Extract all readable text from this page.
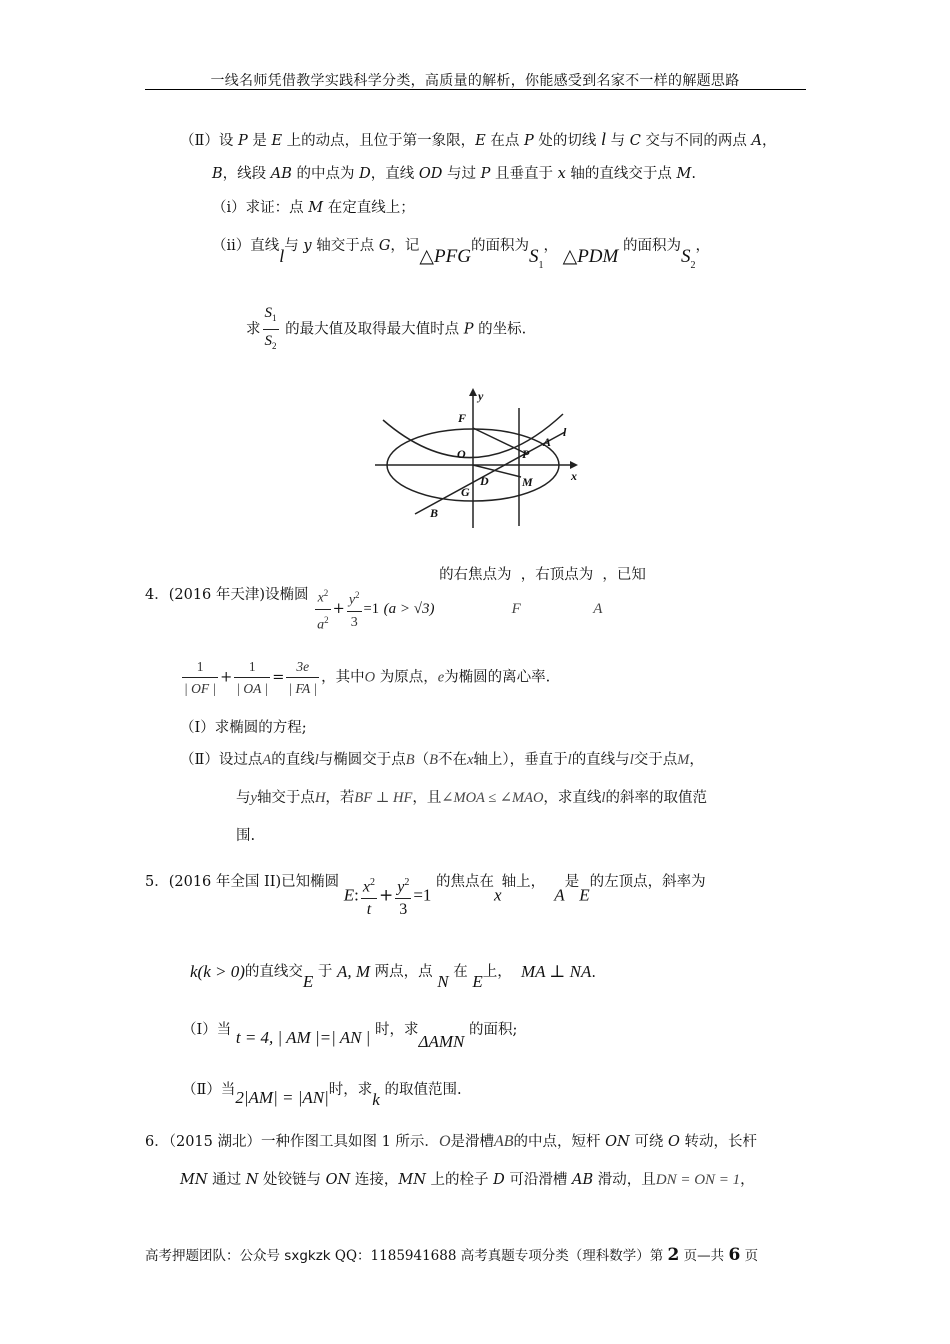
一线名师凭借教学实践科学分类，高质量的解析，你能感受到名家不一样的解题思路
（Ⅱ）设 P 是 E 上的动点，且位于第一象限，E 在点 P 处的切线 l 与 C 交与不同的两点 A，
B，线段 AB 的中点为 D，直线 OD 与过 P 且垂直于 x 轴的直线交于点 M.
（i）求证：点 M 在定直线上；
（ii）直线l与 y 轴交于点 G，记△PFG的面积为$S_1$， △PDM 的面积为$S_2$，
求 $\frac{S_1}{S_2}$ 的最大值及取得最大值时点 P 的坐标.
y
x
F
O
A
l
P
D	M
G
B
4．(2016 年天津)设椭圆 $\frac{x^2}{a^2} + \frac{y^2}{3} =1$ (a > √3) 的右焦点为F，右顶点为A，已知
$\frac{1}{| OF |} + \frac{1}{| OA |} = \frac{3e}{| FA |}$ ，其中O 为原点，e为椭圆的离心率.
（Ⅰ）求椭圆的方程;
（Ⅱ）设过点A的直线l与椭圆交于点B（B不在x轴上），垂直于l的直线与l交于点M，
与y轴交于点H，若BF ⊥ HF，且∠MOA ≤ ∠MAO，求直线l的斜率的取值范
围.
5．(2016 年全国 II)已知椭圆 E: $\frac{x^2}{t} + \frac{y^2}{3} =1$ 的焦点在x轴上，  A是E的左顶点，斜率为
k(k > 0)的直线交E 于 A, M 两点，点 N 在 E上， MA ⊥ NA.
（Ⅰ）当 t = 4, | AM |=| AN | 时，求ΔAMN 的面积;
（Ⅱ）当2|AM| = |AN|时，求k 的取值范围.
6．（2015 湖北）一种作图工具如图 1 所示．O是滑槽AB的中点，短杆 ON 可绕 O 转动，长杆
MN 通过 N 处铰链与 ON 连接，MN 上的栓子 D 可沿滑槽 AB 滑动，且DN = ON = 1，
高考押题团队：公众号 sxgkzk QQ：1185941688 高考真题专项分类（理科数学）第 2 页—共 6 页
